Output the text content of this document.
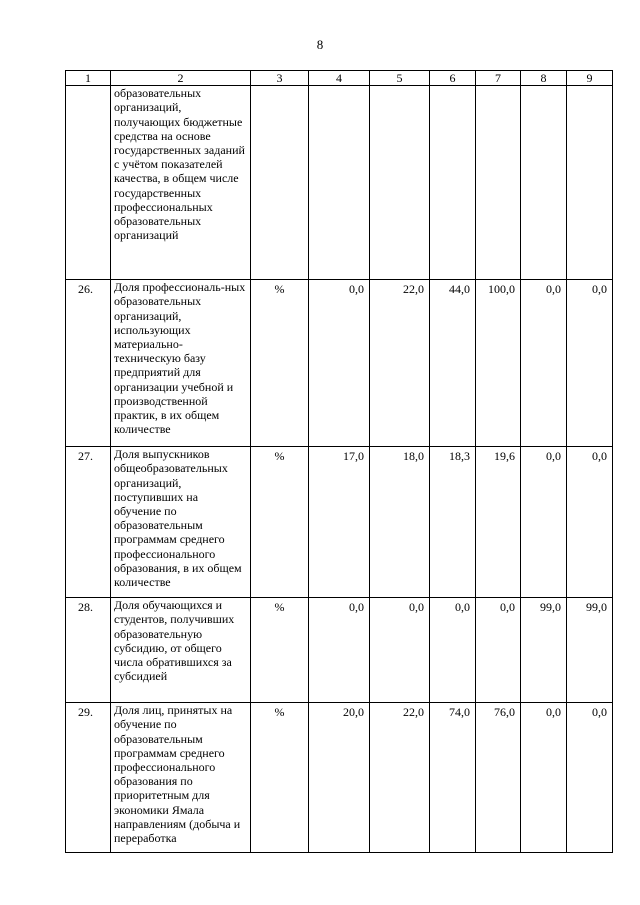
8
1	2	3	4	5	6	7	8	9
	образовательных организаций, получающих бюджетные средства на основе государственных заданий с учётом показателей качества, в общем числе государственных профессиональных образовательных организаций							
26.	Доля профессиональ-ных образовательных организаций, использующих материально-техническую базу предприятий для организации учебной и производственной практик, в их общем количестве	%	0,0	22,0	44,0	100,0	0,0	0,0
27.	Доля выпускников общеобразовательных организаций, поступивших на обучение по образовательным программам среднего профессионального образования, в их общем количестве	%	17,0	18,0	18,3	19,6	0,0	0,0
28.	Доля обучающихся и студентов, получивших образовательную субсидию, от общего числа обратившихся за субсидией	%	0,0	0,0	0,0	0,0	99,0	99,0
29.	Доля лиц, принятых на обучение по образовательным программам среднего профессионального образования по приоритетным для экономики Ямала направлениям (добыча и переработка	%	20,0	22,0	74,0	76,0	0,0	0,0
